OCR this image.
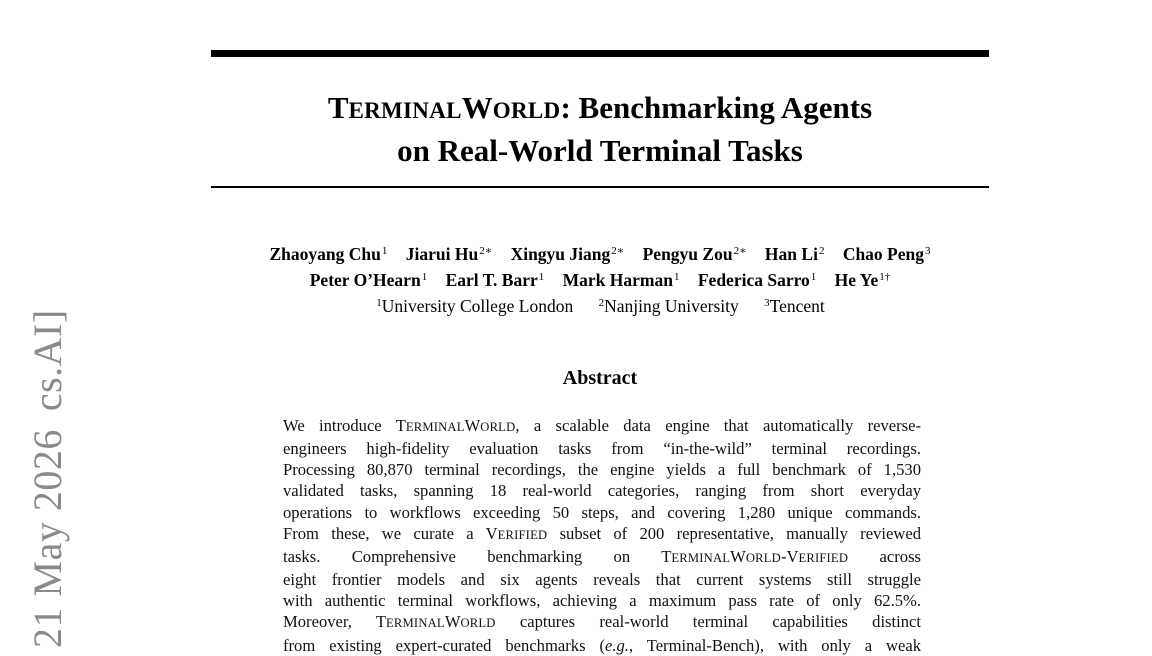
21 May 2026cs.AI]
TERMINALWORLD: Benchmarking Agents
on Real-World Terminal Tasks
Zhaoyang Chu$^1$ Jiarui $Hu^{2∗}$ Xingyu Jiang$^{2∗}$ Pengyu Zou$^{2∗}$ Han Li$^2$ Chao Peng$^3$
Peter O’Hearn$^1$ Earl T. Barr$^1$ Mark Harman$^1$ Federica Sarro$^1$ He $Ye^{1\dagger}$
$^1$University College London $^2$Nanjing University $^3$Tencent
Abstract
We introduce TERMINALWORLD, a scalable data engine that automatically reverse-
engineers high-fidelity evaluation tasks from “in-the-wild” terminal recordings.
Processing 80,870 terminal recordings, the engine yields a full benchmark of 1,530
validated tasks, spanning 18 real-world categories, ranging from short everyday
operations to workflows exceeding 50 steps, and covering 1,280 unique commands.
From these, we curate a VERIFIED subset of 200 representative, manually reviewed
tasks. Comprehensive benchmarking on TERMINALWORLD-VERIFIED across
eight frontier models and six agents reveals that current systems still struggle
with authentic terminal workflows, achieving a maximum pass rate of only 62.5%.
Moreover, TERMINALWORLD captures real-world terminal capabilities distinct
from existing expert-curated benchmarks (e.g., Terminal-Bench), with only a weak
